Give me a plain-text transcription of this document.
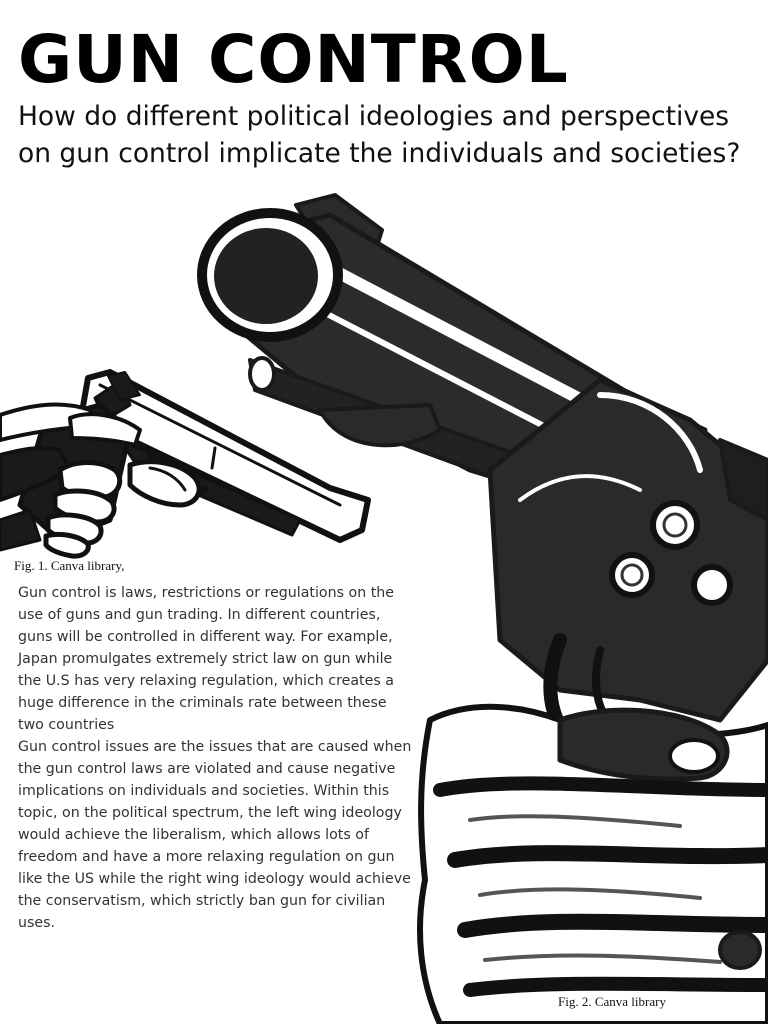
GUN CONTROL

How do different political ideologies and perspectives on gun control implicate the individuals and societies?

Fig. 1. Canva library,

Gun control is laws, restrictions or regulations on the use of guns and gun trading. In different countries, guns will be controlled in different way. For example, Japan promulgates extremely strict law on gun while the U.S has very relaxing regulation, which creates a huge difference in the criminals rate between these two countries

Gun control issues are the issues that are caused when the gun control laws are violated and cause negative implications on individuals and societies. Within this topic, on the political spectrum, the left wing ideology would achieve the liberalism, which allows lots of freedom and have a more relaxing regulation on gun like the US while the right wing ideology would achieve the conservatism, which strictly ban gun for civilian uses.

Fig. 2. Canva library
